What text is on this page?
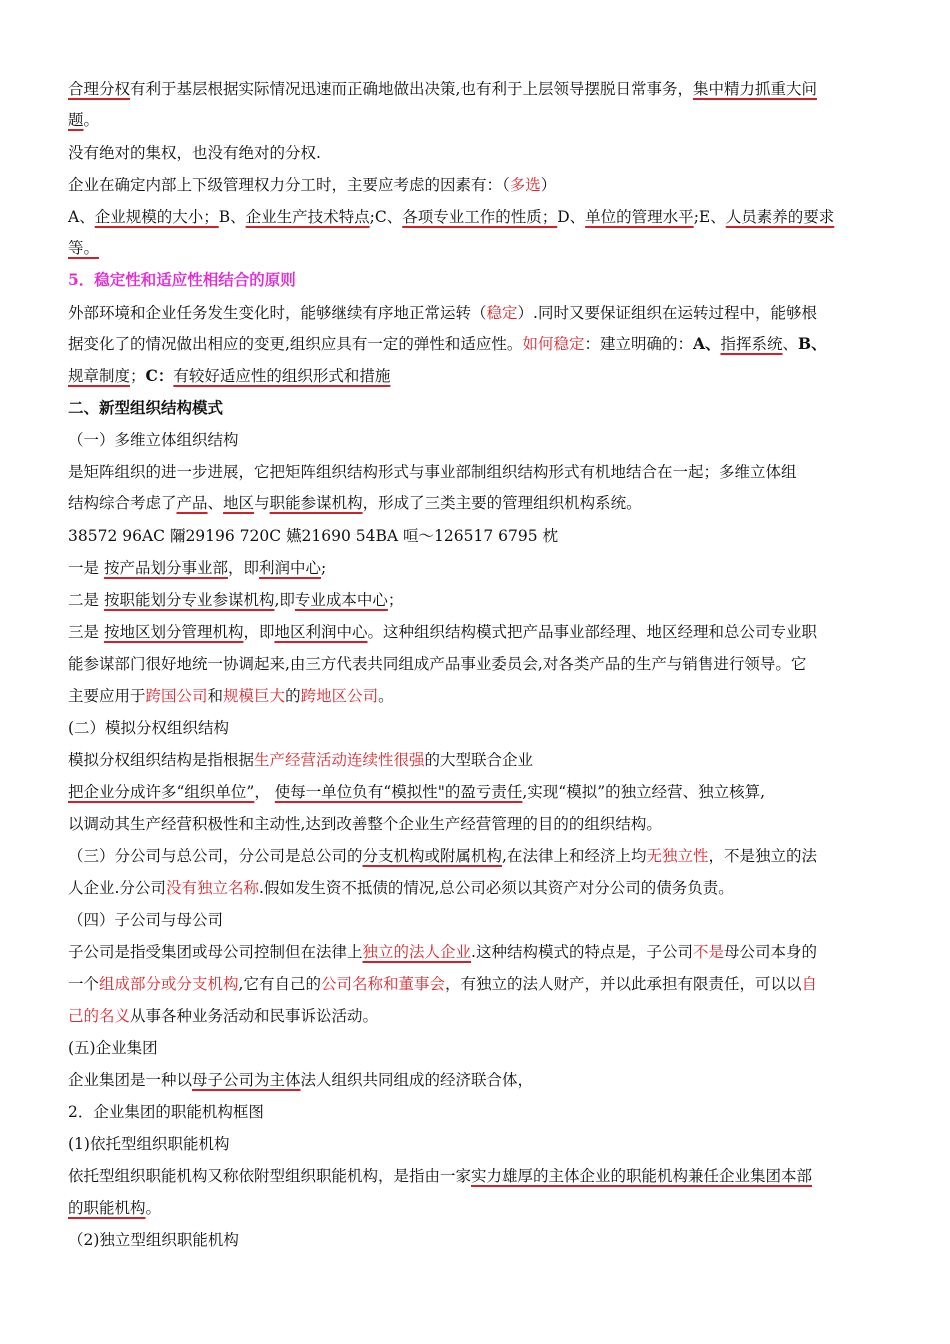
合理分权有利于基层根据实际情况迅速而正确地做出决策,也有利于上层领导摆脱日常事务，集中精力抓重大问
题。
没有绝对的集权，也没有绝对的分权.
企业在确定内部上下级管理权力分工时，主要应考虑的因素有：（多选）
A、企业规模的大小；B、企业生产技术特点;C、各项专业工作的性质；D、单位的管理水平;E、人员素养的要求
等。
5．稳定性和适应性相结合的原则
外部环境和企业任务发生变化时，能够继续有序地正常运转（稳定）.同时又要保证组织在运转过程中，能够根
据变化了的情况做出相应的变更,组织应具有一定的弹性和适应性。如何稳定：建立明确的：A、指挥系统、B、
规章制度；C：有较好适应性的组织形式和措施
二、新型组织结构模式
（一）多维立体组织结构
是矩阵组织的进一步进展，它把矩阵组织结构形式与事业部制组织结构形式有机地结合在一起；多维立体组
结构综合考虑了产品、地区与职能参谋机构，形成了三类主要的管理组织机构系统。
38572 96AC 隬29196 720C 嬿21690 54BA 咺～126517 6795 枕
一是 按产品划分事业部，即利润中心;
二是 按职能划分专业参谋机构,即专业成本中心；
三是 按地区划分管理机构，即地区利润中心。这种组织结构模式把产品事业部经理、地区经理和总公司专业职
能参谋部门很好地统一协调起来,由三方代表共同组成产品事业委员会,对各类产品的生产与销售进行领导。它
主要应用于跨国公司和规模巨大的跨地区公司。
(二）模拟分权组织结构
模拟分权组织结构是指根据生产经营活动连续性很强的大型联合企业
把企业分成许多“组织单位”， 使每一单位负有“模拟性"的盈亏责任,实现“模拟”的独立经营、独立核算,
以调动其生产经营积极性和主动性,达到改善整个企业生产经营管理的目的的组织结构。
（三）分公司与总公司，分公司是总公司的分支机构或附属机构,在法律上和经济上均无独立性，不是独立的法
人企业.分公司没有独立名称.假如发生资不抵债的情况,总公司必须以其资产对分公司的债务负责。
（四）子公司与母公司
子公司是指受集团或母公司控制但在法律上独立的法人企业.这种结构模式的特点是，子公司不是母公司本身的
一个组成部分或分支机构,它有自己的公司名称和董事会，有独立的法人财产，并以此承担有限责任，可以以自
己的名义从事各种业务活动和民事诉讼活动。
(五)企业集团
企业集团是一种以母子公司为主体法人组织共同组成的经济联合体，
2．企业集团的职能机构框图
(1)依托型组织职能机构
依托型组织职能机构又称依附型组织职能机构，是指由一家实力雄厚的主体企业的职能机构兼任企业集团本部
的职能机构。
（2)独立型组织职能机构
